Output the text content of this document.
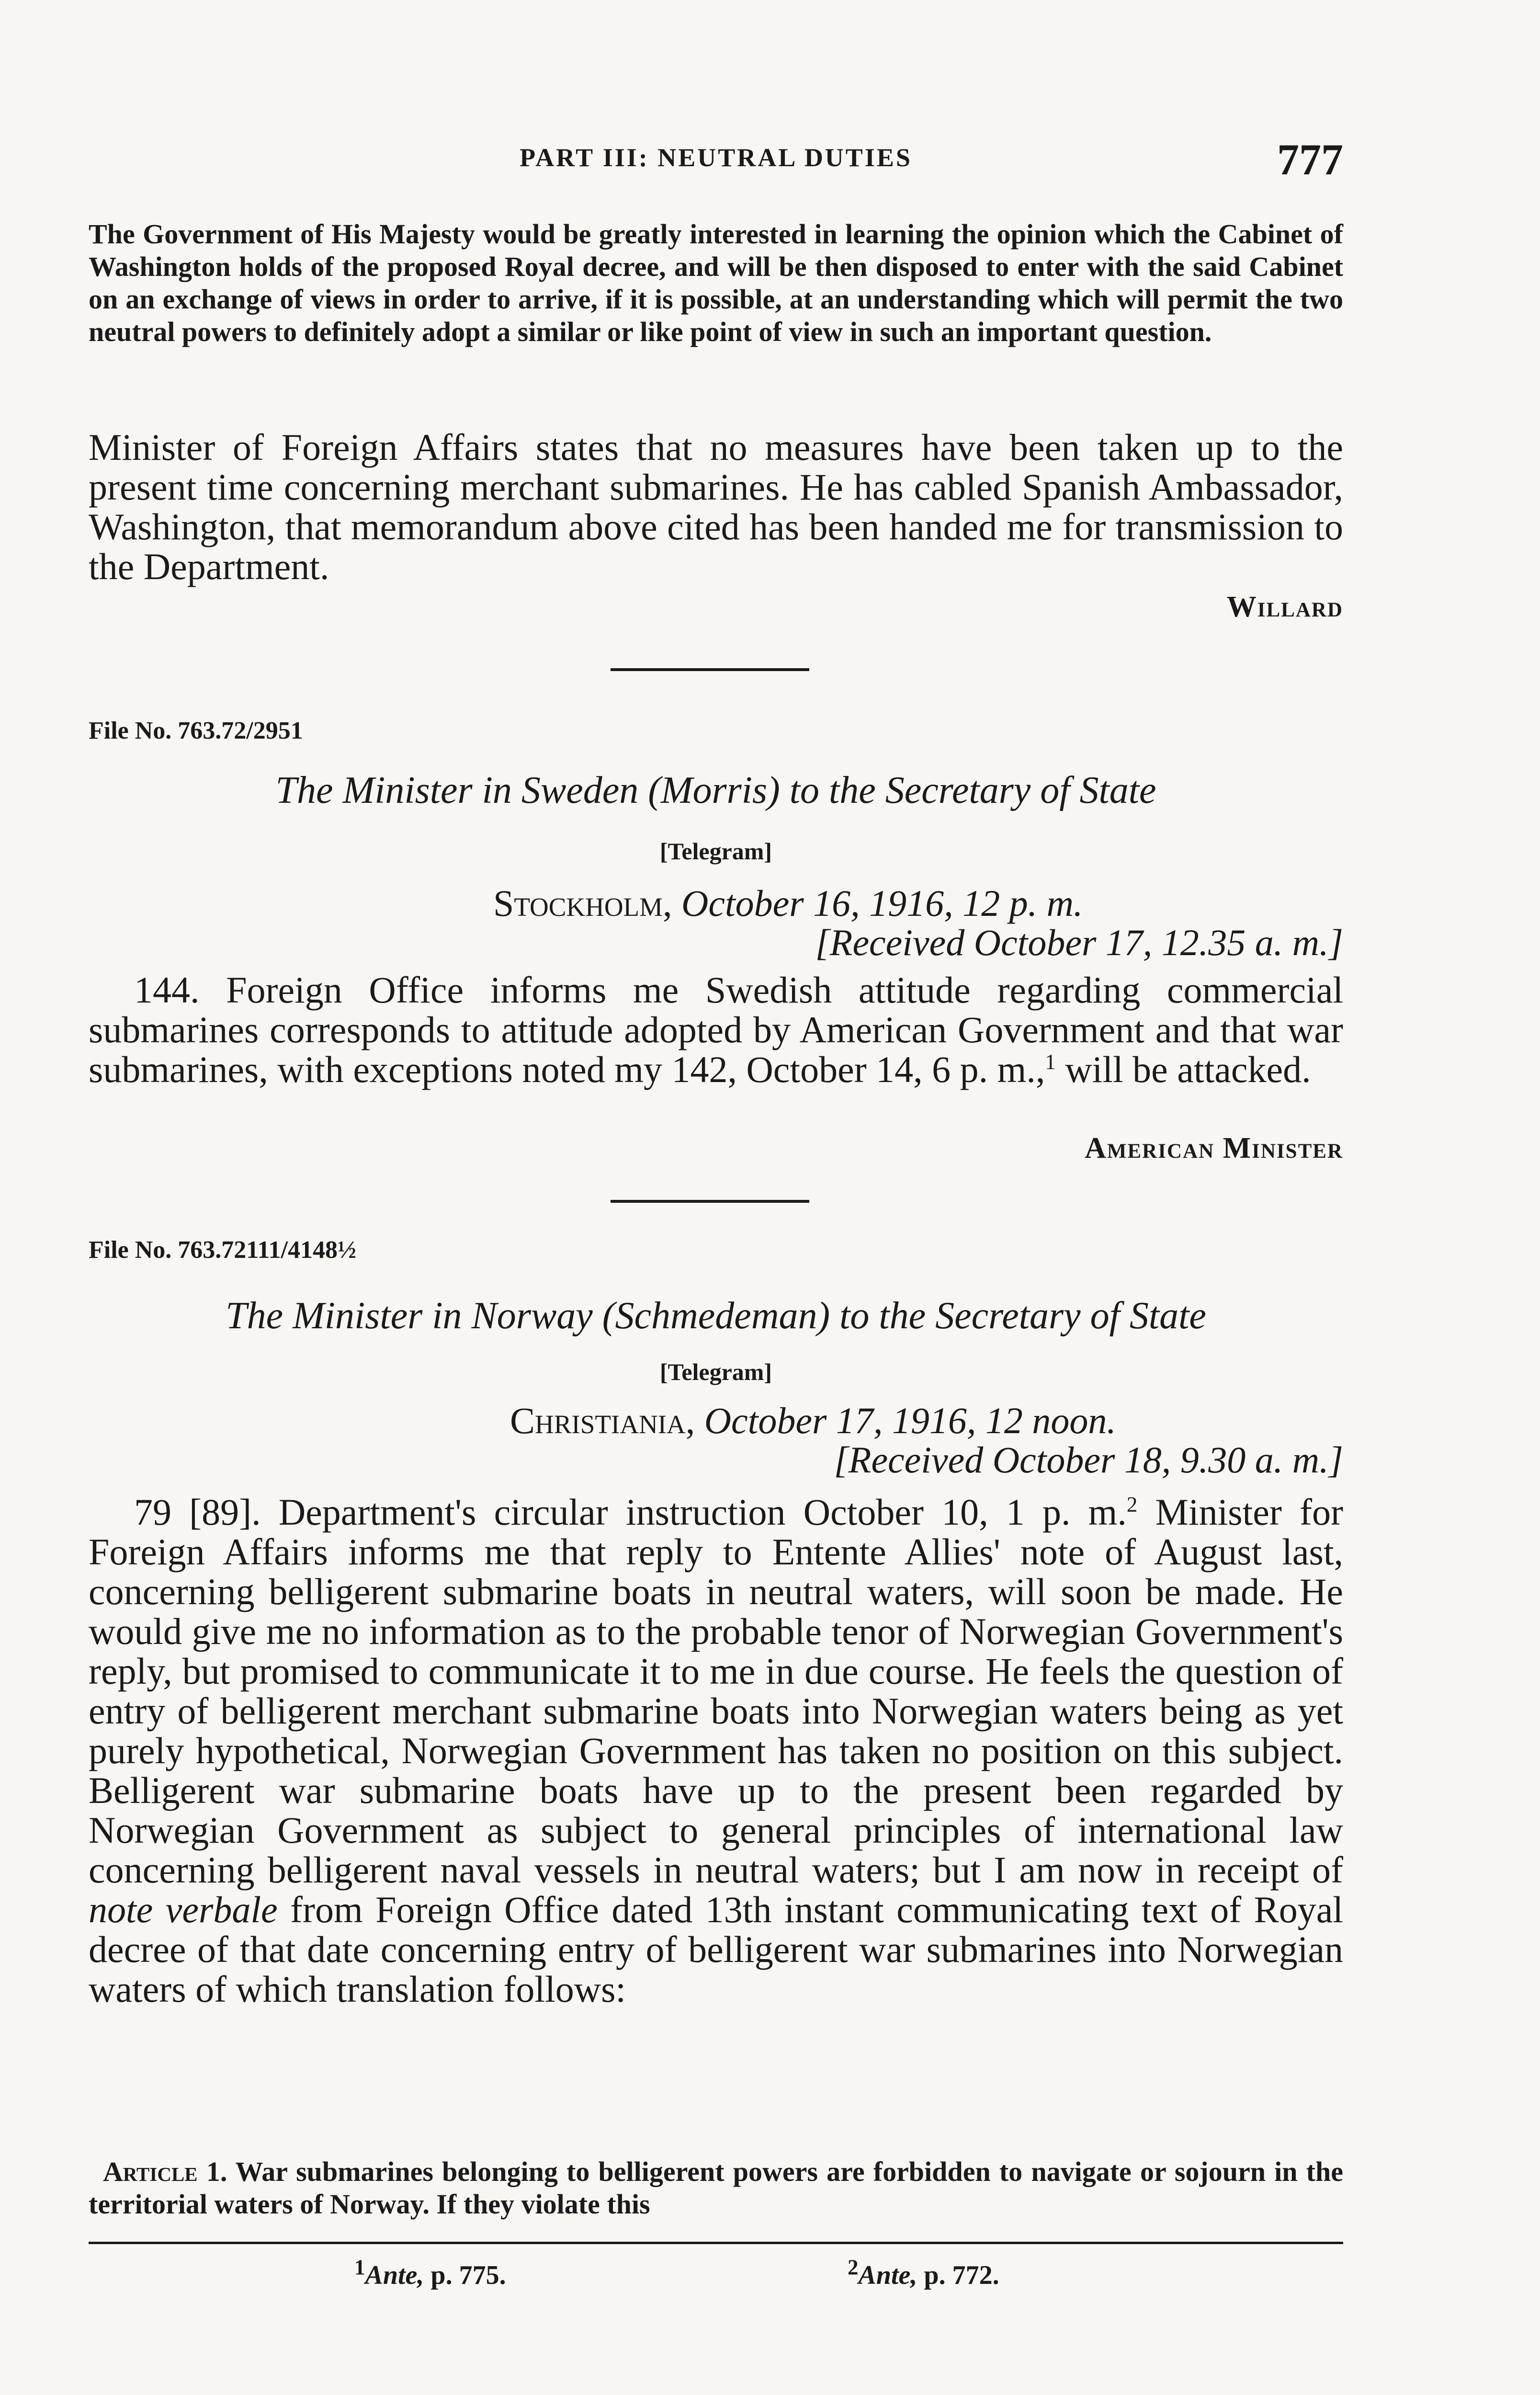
PART III: NEUTRAL DUTIES	777

The Government of His Majesty would be greatly interested in learning the opinion which the Cabinet of Washington holds of the proposed Royal decree, and will be then disposed to enter with the said Cabinet on an exchange of views in order to arrive, if it is possible, at an understanding which will permit the two neutral powers to definitely adopt a similar or like point of view in such an important question.

Minister of Foreign Affairs states that no measures have been taken up to the present time concerning merchant submarines. He has cabled Spanish Ambassador, Washington, that memorandum above cited has been handed me for transmission to the Department.

Willard
File No. 763.72/2951
The Minister in Sweden (Morris) to the Secretary of State
[Telegram]
Stockholm, October 16, 1916, 12 p. m.
[Received October 17, 12.35 a. m.]

144. Foreign Office informs me Swedish attitude regarding commercial submarines corresponds to attitude adopted by American Government and that war submarines, with exceptions noted my 142, October 14, 6 p. m.,$^1$ will be attacked.

American Minister
File No. 763.72111/4148½
The Minister in Norway (Schmedeman) to the Secretary of State
[Telegram]
Christiania, October 17, 1916, 12 noon.
[Received October 18, 9.30 a. m.]

79 [89]. Department's circular instruction October 10, 1 p. m.$^2$ Minister for Foreign Affairs informs me that reply to Entente Allies' note of August last, concerning belligerent submarine boats in neutral waters, will soon be made. He would give me no information as to the probable tenor of Norwegian Government's reply, but promised to communicate it to me in due course. He feels the question of entry of belligerent merchant submarine boats into Norwegian waters being as yet purely hypothetical, Norwegian Government has taken no position on this subject. Belligerent war submarine boats have up to the present been regarded by Norwegian Government as subject to general principles of international law concerning belligerent naval vessels in neutral waters; but I am now in receipt of note verbale from Foreign Office dated 13th instant communicating text of Royal decree of that date concerning entry of belligerent war submarines into Norwegian waters of which translation follows:

Article 1. War submarines belonging to belligerent powers are forbidden to navigate or sojourn in the territorial waters of Norway. If they violate this

$^1$Ante, p. 775.	$^2$Ante, p. 772.
